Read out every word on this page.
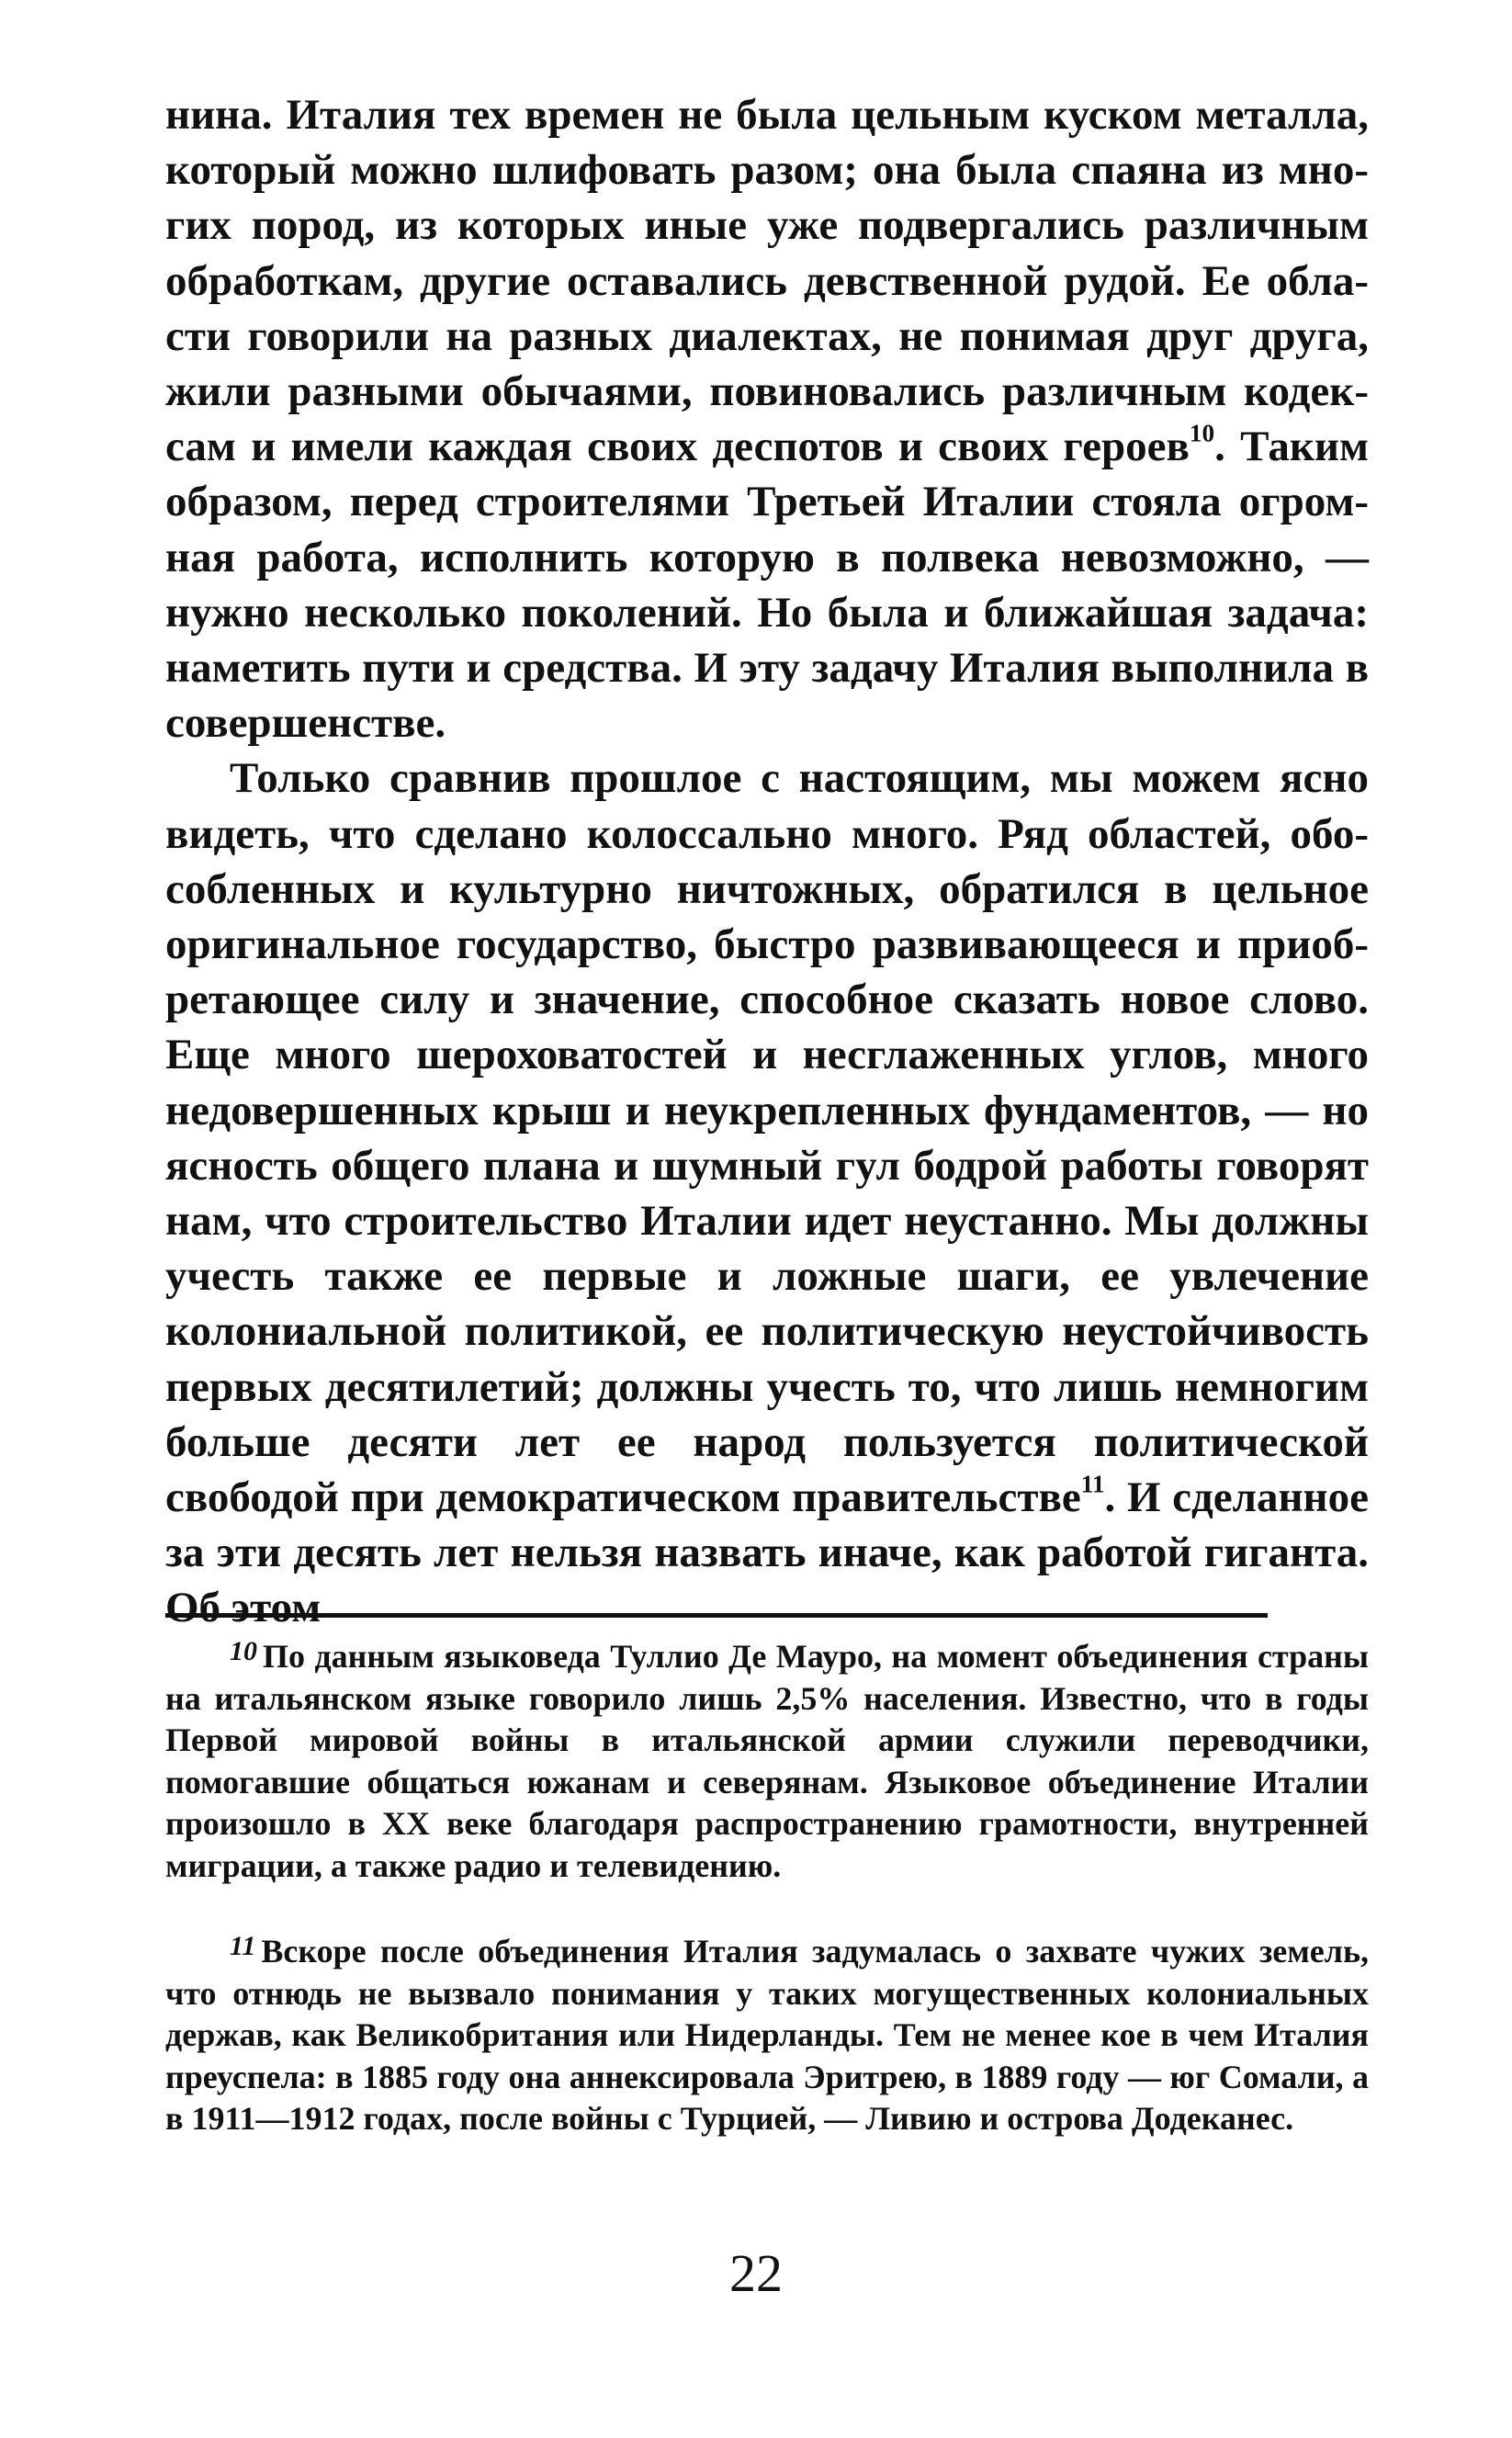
нина. Италия тех времен не была цельным куском металла, который можно шлифовать разом; она была спаяна из многих пород, из которых иные уже подвергались различным обработкам, другие оставались девственной рудой. Ее области говорили на разных диалектах, не понимая друг друга, жили разными обычаями, повиновались различным кодексам и имели каждая своих деспотов и своих героев$^{10}$. Таким образом, перед строителями Третьей Италии стояла огромная работа, исполнить которую в полвека невозможно, — нужно несколько поколений. Но была и ближайшая задача: наметить пути и средства. И эту задачу Италия выполнила в совершенстве.

Только сравнив прошлое с настоящим, мы можем ясно видеть, что сделано колоссально много. Ряд областей, обособленных и культурно ничтожных, обратился в цельное оригинальное государство, быстро развивающееся и приобретающее силу и значение, способное сказать новое слово. Еще много шероховатостей и несглаженных углов, много недовершенных крыш и неукрепленных фундаментов, — но ясность общего плана и шумный гул бодрой работы говорят нам, что строительство Италии идет неустанно. Мы должны учесть также ее первые и ложные шаги, ее увлечение колониальной политикой, ее политическую неустойчивость первых десятилетий; должны учесть то, что лишь немногим больше десяти лет ее народ пользуется политической свободой при демократическом правительстве$^{11}$. И сделанное за эти десять лет нельзя назвать иначе, как работой гиганта. Об этом

$^{10}$ По данным языковеда Туллио Де Мауро, на момент объединения страны на итальянском языке говорило лишь 2,5% населения. Известно, что в годы Первой мировой войны в итальянской армии служили переводчики, помогавшие общаться южанам и северянам. Языковое объединение Италии произошло в XX веке благодаря распространению грамотности, внутренней миграции, а также радио и телевидению.

$^{11}$ Вскоре после объединения Италия задумалась о захвате чужих земель, что отнюдь не вызвало понимания у таких могущественных колониальных держав, как Великобритания или Нидерланды. Тем не менее кое в чем Италия преуспела: в 1885 году она аннексировала Эритрею, в 1889 году — юг Сомали, а в 1911—1912 годах, после войны с Турцией, — Ливию и острова Додеканес.

22
